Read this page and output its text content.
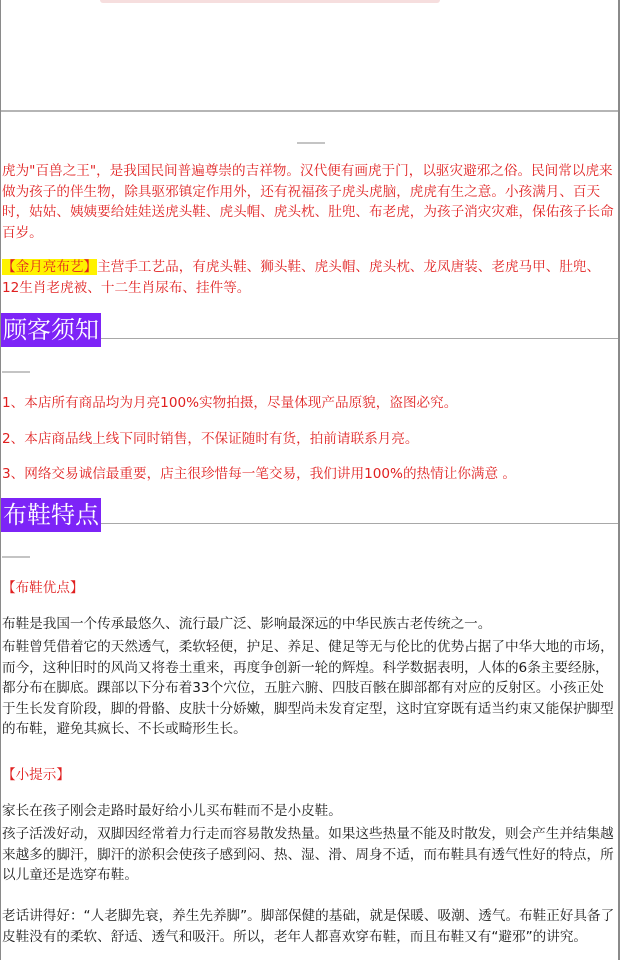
虎为"百兽之王"，是我国民间普遍尊崇的吉祥物。汉代便有画虎于门，以驱灾避邪之俗。民间常以虎来做为孩子的伴生物，除具驱邪镇定作用外，还有祝福孩子虎头虎脑，虎虎有生之意。小孩满月、百天时，姑姑、姨姨要给娃娃送虎头鞋、虎头帽、虎头枕、肚兜、布老虎，为孩子消灾灾难，保佑孩子长命百岁。

【金月亮布艺】主营手工艺品，有虎头鞋、狮头鞋、虎头帽、虎头枕、龙凤唐装、老虎马甲、肚兜、12生肖老虎被、十二生肖尿布、挂件等。

顾客须知

1、本店所有商品均为月亮100%实物拍摄，尽量体现产品原貌，盗图必究。

2、本店商品线上线下同时销售，不保证随时有货，拍前请联系月亮。

3、网络交易诚信最重要，店主很珍惜每一笔交易，我们讲用100%的热情让你满意 。

布鞋特点

【布鞋优点】

布鞋是我国一个传承最悠久、流行最广泛、影响最深远的中华民族古老传统之一。

布鞋曾凭借着它的天然透气，柔软轻便，护足、养足、健足等无与伦比的优势占据了中华大地的市场，而今，这种旧时的风尚又将卷土重来，再度争创新一轮的辉煌。科学数据表明，人体的6条主要经脉，都分布在脚底。踝部以下分布着33个穴位，五脏六腑、四肢百骸在脚部都有对应的反射区。小孩正处于生长发育阶段，脚的骨骼、皮肤十分娇嫩，脚型尚未发育定型，这时宜穿既有适当约束又能保护脚型的布鞋，避免其疯长、不长或畸形生长。

【小提示】

家长在孩子刚会走路时最好给小儿买布鞋而不是小皮鞋。

孩子活泼好动，双脚因经常着力行走而容易散发热量。如果这些热量不能及时散发，则会产生并结集越来越多的脚汗，脚汗的淤积会使孩子感到闷、热、湿、滑、周身不适，而布鞋具有透气性好的特点，所以儿童还是选穿布鞋。

老话讲得好：“人老脚先衰，养生先养脚”。脚部保健的基础，就是保暖、吸潮、透气。布鞋正好具备了皮鞋没有的柔软、舒适、透气和吸汗。所以，老年人都喜欢穿布鞋，而且布鞋又有“避邪”的讲究。
